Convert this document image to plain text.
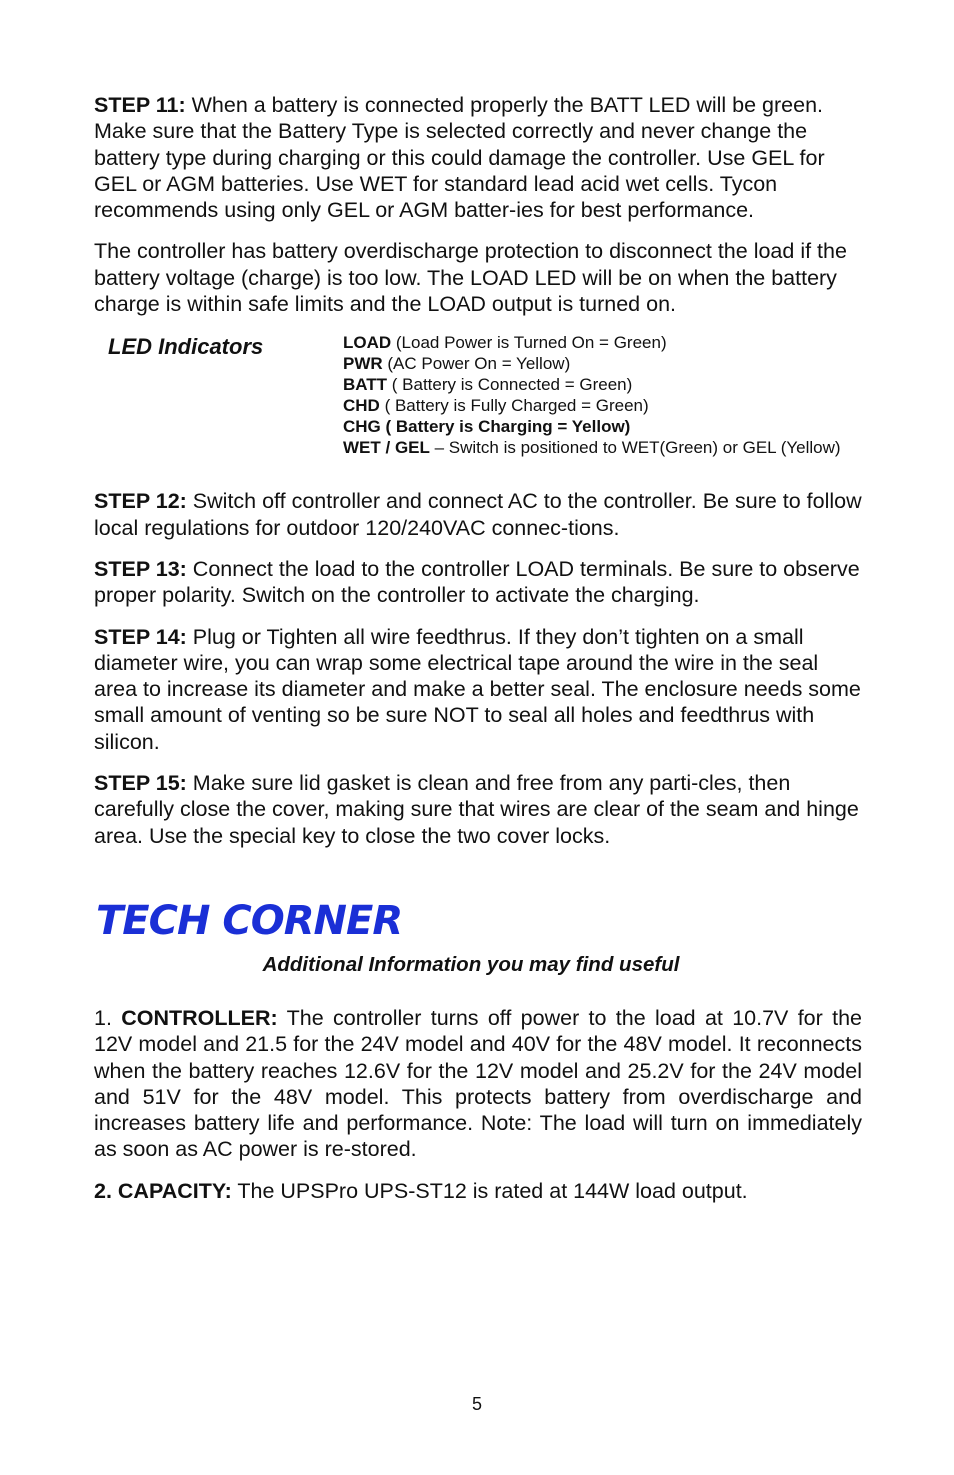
STEP 11: When a battery is connected properly the BATT LED will be green. Make sure that the Battery Type is selected correctly and never change the battery type during charging or this could damage the controller. Use GEL for GEL or AGM batteries. Use WET for standard lead acid wet cells. Tycon recommends using only GEL or AGM batter-ies for best performance.

The controller has battery overdischarge protection to disconnect the load if the battery voltage (charge) is too low. The LOAD LED will be on when the battery charge is within safe limits and the LOAD output is turned on.

LED Indicators	LOAD (Load Power is Turned On = Green)
PWR (AC Power On = Yellow)
BATT ( Battery is Connected = Green)
CHD ( Battery is Fully Charged = Green)
CHG ( Battery is Charging = Yellow)
WET / GEL – Switch is positioned to WET(Green) or GEL (Yellow)

STEP 12: Switch off controller and connect AC to the controller. Be sure to follow local regulations for outdoor 120/240VAC connec-tions.

STEP 13: Connect the load to the controller LOAD terminals. Be sure to observe proper polarity. Switch on the controller to activate the charging.

STEP 14: Plug or Tighten all wire feedthrus. If they don’t tighten on a small diameter wire, you can wrap some electrical tape around the wire in the seal area to increase its diameter and make a better seal. The enclosure needs some small amount of venting so be sure NOT to seal all holes and feedthrus with silicon.

STEP 15: Make sure lid gasket is clean and free from any parti-cles, then carefully close the cover, making sure that wires are clear of the seam and hinge area. Use the special key to close the two cover locks.

TECH CORNER
Additional Information you may find useful

1. CONTROLLER: The controller turns off power to the load at 10.7V for the 12V model and 21.5 for the 24V model and 40V for the 48V model. It reconnects when the battery reaches 12.6V for the 12V model and 25.2V for the 24V model and 51V for the 48V model. This protects battery from overdischarge and increases battery life and performance. Note: The load will turn on immediately as soon as AC power is re-stored.

2. CAPACITY: The UPSPro UPS-ST12 is rated at 144W load output.

5
